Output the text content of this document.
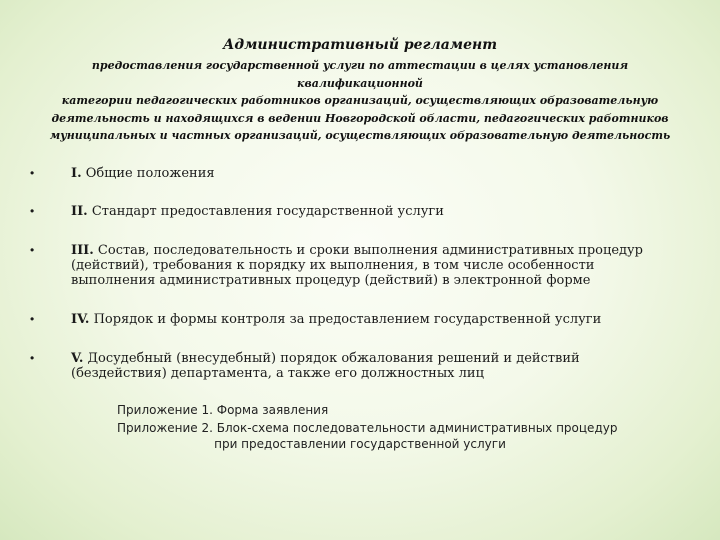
Административный регламент
предоставления государственной услуги по аттестации в целях установления квалификационной
категории педагогических работников организаций, осуществляющих образовательную
деятельность и находящихся в ведении Новгородской области, педагогических работников
муниципальных и частных организаций, осуществляющих образовательную деятельность
•	I. Общие положения
•	II. Стандарт предоставления государственной услуги
•	III. Состав, последовательность и сроки выполнения административных процедур
(действий), требования к порядку их выполнения, в том числе особенности
выполнения административных процедур (действий) в электронной форме
•	IV. Порядок и формы контроля за предоставлением государственной услуги
•	V. Досудебный (внесудебный) порядок обжалования решений и действий
(бездействия) департамента, а также его должностных лиц
Приложение 1. Форма заявления
Приложение 2. Блок-схема последовательности административных процедур
при предоставлении государственной услуги
